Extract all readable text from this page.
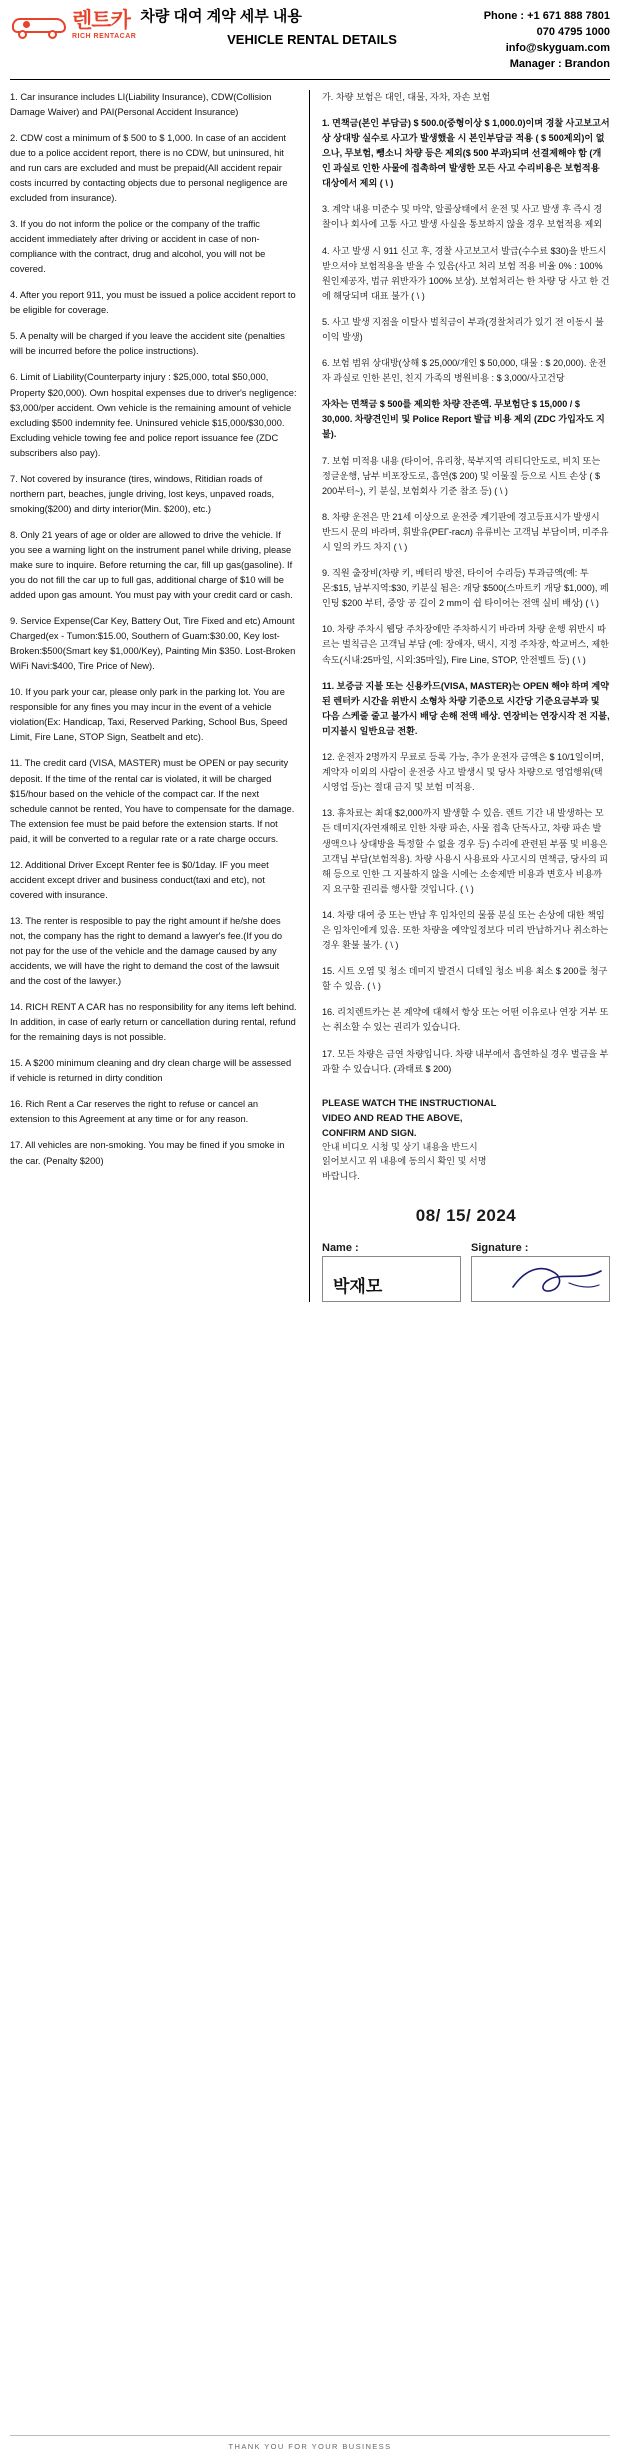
렌트카
RICH RENTACAR
차량 대여 계약 세부 내용
VEHICLE RENTAL DETAILS
Phone : +1 671 888 7801
070 4795 1000
info@skyguam.com
Manager : Brandon

1. Car insurance includes LI(Liability Insurance), CDW(Collision Damage Waiver) and PAI(Personal Accident Insurance)

2. CDW cost a minimum of $ 500 to $ 1,000. In case of an accident due to a police accident report, there is no CDW, but uninsured, hit and run cars are excluded and must be prepaid(All accident repair costs incurred by contacting objects due to personal negligence are excluded from insurance).

3. If you do not inform the police or the company of the traffic accident immediately after driving or accident in case of non-compliance with the contract, drug and alcohol, you will not be covered.

4. After you report 911, you must be issued a police accident report to be eligible for coverage.

5. A penalty will be charged if you leave the accident site (penalties will be incurred before the police instructions).

6. Limit of Liability(Counterparty injury : $25,000, total $50,000, Property $20,000). Own hospital expenses due to driver's negligence: $3,000/per accident. Own vehicle is the remaining amount of vehicle excluding $500 indemnity fee. Uninsured vehicle $15,000/$30,000. Excluding vehicle towing fee and police report issuance fee (ZDC subscribers also pay).

7. Not covered by insurance (tires, windows, Ritidian roads of northern part, beaches, jungle driving, lost keys, unpaved roads, smoking($200) and dirty interior(Min. $200), etc.)

8. Only 21 years of age or older are allowed to drive the vehicle. If you see a warning light on the instrument panel while driving, please make sure to inquire. Before returning the car, fill up gas(gasoline). If you do not fill the car up to full gas, additional charge of $10 will be added upon gas amount. You must pay with your credit card or cash.

9. Service Expense(Car Key, Battery Out, Tire Fixed and etc) Amount Charged(ex - Tumon:$15.00, Southern of Guam:$30.00, Key lost-Broken:$500(Smart key $1,000/Key), Painting Min $350. Lost-Broken WiFi Navi:$400, Tire Price of New).

10. If you park your car, please only park in the parking lot. You are responsible for any fines you may incur in the event of a vehicle violation(Ex: Handicap, Taxi, Reserved Parking, School Bus, Speed Limit, Fire Lane, STOP Sign, Seatbelt and etc).

11. The credit card (VISA, MASTER) must be OPEN or pay security deposit. If the time of the rental car is violated, it will be charged $15/hour based on the vehicle of the compact car. If the next schedule cannot be rented, You have to compensate for the damage. The extension fee must be paid before the extension starts. If not paid, it will be converted to a regular rate or a rate charge occurs.

12. Additional Driver Except Renter fee is $0/1day. IF you meet accident except driver and business conduct(taxi and etc), not covered with insurance.

13. The renter is resposible to pay the right amount if he/she does not, the company has the right to demand a lawyer's fee.(If you do not pay for the use of the vehicle and the damage caused by any accidents, we will have the right to demand the cost of the lawsuit and the cost of the lawyer.)

14. RICH RENT A CAR has no responsibility for any items left behind. In addition, in case of early return or cancellation during rental, refund for the remaining days is not possible.

15. A $200 minimum cleaning and dry clean charge will be assessed if vehicle is returned in dirty condition

16. Rich Rent a Car reserves the right to refuse or cancel an extension to this Agreement at any time or for any reason.

17. All vehicles are non-smoking. You may be fined if you smoke in the car. (Penalty $200)

가. 차량 보험은 대인, 대물, 자차, 자손 보험

1. 면책금(본인 부담금) $ 500.0(중형이상 $ 1,000.0)이며 경찰 사고보고서 상 상대방 실수로 사고가 발생했을 시 본인부담금 적용 ( $ 500제외)이 없으나, 무보험, 뺑소니 차량 등은 제외($ 500 부과)되며 선결제해야 함 (개인 과실로 인한 사물에 접촉하여 발생한 모든 사고 수리비용은 보험적용 대상에서 제외 ( \ )

3. 계약 내용 미준수 및 마약, 알콜상태에서 운전 및 사고 발생 후 즉시 경찰이나 회사에 고통 사고 발생 사실을 통보하지 않을 경우 보험적용 제외

4. 사고 발생 시 911 신고 후, 경찰 사고보고서 발급(수수료 $30)을 반드시 받으셔야 보험적용을 받을 수 있음(사고 처리 보험 적용 비율 0% : 100% 원인제공자, 법규 위반자가 100% 보상). 보험처리는 한 차량 당 사고 한 건에 해당되며 대표 불가 ( \ )

5. 사고 발생 지점을 이탈사 벌칙금이 부과(경찰처리가 있기 전 이동시 불이익 발생)

6. 보험 범위 상대방(상해 $ 25,000/개인 $ 50,000, 대물 : $ 20,000). 운전자 과실로 인한 본인, 친지 가족의 병원비용 : $ 3,000/사고건당

자차는 면책금 $ 500를 제외한 차량 잔존액. 무보험단 $ 15,000 / $ 30,000. 차량견인비 및 Police Report 발급 비용 제외 (ZDC 가입자도 지불).

7. 보험 미적용 내용 (타이어, 유리창, 북부지역 리티디안도로, 비치 또는 정글운행, 남부 비포장도로, 흡연($ 200) 및 이물질 등으로 시트 손상 ( $ 200부터~), 키 분실, 보험회사 기준 참조 등) ( \ )

8. 차량 운전은 만 21세 이상으로 운전중 계기판에 경고등표시가 발생시 반드시 문의 바라며, 휘발유(РЕГ-гасл) 유류비는 고객님 부담이며, 미주유시 일의 카드 차지 ( \ )

9. 직원 출장비(차량 키, 베터리 방전, 타이어 수리등) 투과금액(예: 투몬:$15, 남부지역:$30, 키분실 됨은: 개당 $500(스마트키 개당 $1,000), 페인팅 $200 부터, 중앙 공 길이 2 mm이 쉽 타이어는 전액 실비 배상) ( \ )

10. 차량 주차시 웹당 주차장에만 주차하시기 바라며 차량 운행 위반시 따르는 벌칙금은 고객님 부담 (예: 장애자, 택시, 지정 주차장, 학교버스, 제한속도(시내:25마일, 시외:35마일), Fire Line, STOP, 안전벨트 등) ( \ )

11. 보증금 지불 또는 신용카드(VISA, MASTER)는 OPEN 해야 하며 계약된 렌터카 시간을 위반시 소형차 차량 기준으로 시간당 기준요금부과 및 다음 스케줄 줄고 불가시 배당 손해 전액 배상. 연장비는 연장시작 전 지불, 미지불시 일반요금 전환.

12. 운전자 2명까지 무료로 등록 가능, 추가 운전자 금액은 $ 10/1일이며, 계약자 이외의 사람이 운전중 사고 발생시 및 당사 차량으로 영업행위(택시영업 등)는 절대 금지 및 보험 미적용.

13. 휴차료는 최대 $2,000까지 발생할 수 있음. 렌트 기간 내 발생하는 모든 데미지(자연재해로 인한 차량 파손, 사물 접촉 단독사고, 차량 파손 발생액으나 상대방을 특정할 수 없을 경우 등) 수리에 관련된 부품 및 비용은 고객님 부담(보험적용). 차량 사용시 사용료와 사고시의 면책금, 당사의 피해 등으로 인한 그 지불하지 않을 시에는 소송제반 비용과 변호사 비용까지 요구할 권리를 행사할 것입니다. ( \ )

14. 차량 대여 중 또는 반납 후 임차인의 물품 분실 또는 손상에 대한 책임은 임차인에게 있음. 또한 차량을 예약일정보다 미리 반납하거나 취소하는 경우 환불 불가. ( \ )

15. 시트 오염 및 청소 데미지 발견시 디테일 청소 비용 최소 $ 200를 청구할 수 있음. ( \ )

16. 리치렌트카는 본 계약에 대해서 항상 또는 어떤 이유로나 연장 거부 또는 취소할 수 있는 권리가 있습니다.

17. 모든 차량은 금연 차량입니다. 차량 내부에서 흡연하실 경우 벌금을 부과할 수 있습니다. (과태료 $ 200)

PLEASE WATCH THE INSTRUCTIONAL
VIDEO AND READ THE ABOVE,
CONFIRM AND SIGN.
안내 비디오 시청 및 상기 내용을 반드시
읽어보시고 위 내용에 동의시 확인 및 서명
바랍니다.
08/ 15/ 2024
Name :
박재모
Signature :
THANK YOU FOR YOUR BUSINESS
